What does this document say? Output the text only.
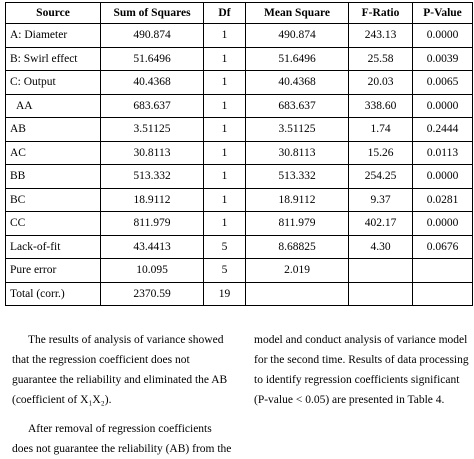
Source	Sum of Squares	Df	Mean Square	F-Ratio	P-Value
A: Diameter	490.874	1	490.874	243.13	0.0000
B: Swirl effect	51.6496	1	51.6496	25.58	0.0039
C: Output	40.4368	1	40.4368	20.03	0.0065
AA	683.637	1	683.637	338.60	0.0000
AB	3.51125	1	3.51125	1.74	0.2444
AC	30.8113	1	30.8113	15.26	0.0113
BB	513.332	1	513.332	254.25	0.0000
BC	18.9112	1	18.9112	9.37	0.0281
CC	811.979	1	811.979	402.17	0.0000
Lack-of-fit	43.4413	5	8.68825	4.30	0.0676
Pure error	10.095	5	2.019		
Total (corr.)	2370.59	19			

The results of analysis of variance showed

that the regression coefficient does not

guarantee the reliability and eliminated the AB

(coefficient of X₁X₂).

After removal of regression coefficients

does not guarantee the reliability (AB) from the

model and conduct analysis of variance model

for the second time. Results of data processing

to identify regression coefficients significant

(P-value < 0.05) are presented in Table 4.
